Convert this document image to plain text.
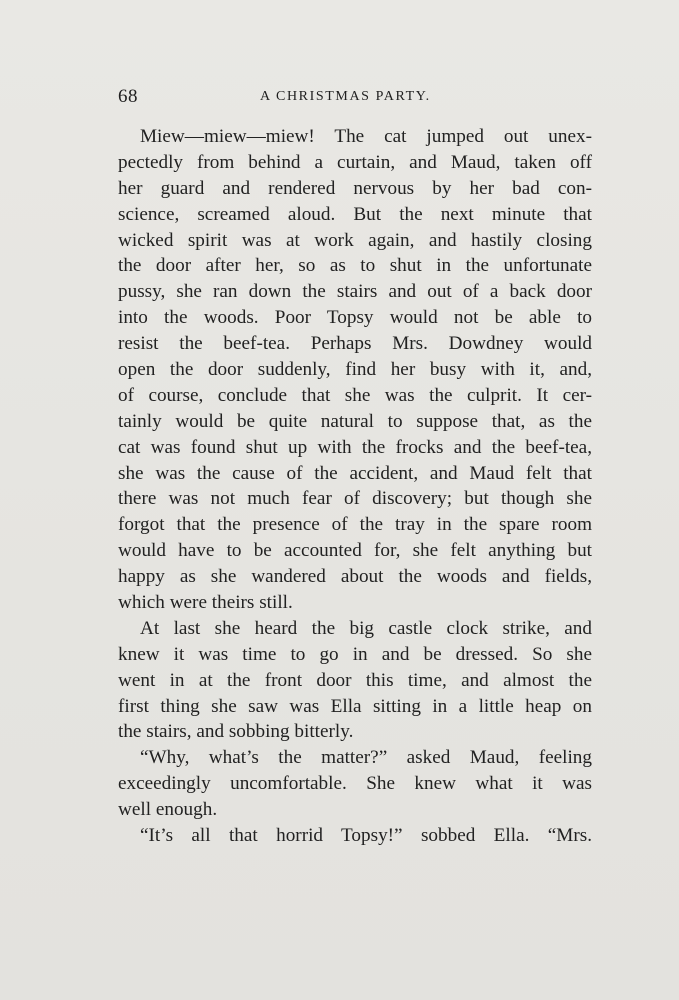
68	A CHRISTMAS PARTY.
Miew—miew—miew! The cat jumped out unex-
pectedly from behind a curtain, and Maud, taken off
her guard and rendered nervous by her bad con-
science, screamed aloud. But the next minute that
wicked spirit was at work again, and hastily closing
the door after her, so as to shut in the unfortunate
pussy, she ran down the stairs and out of a back door
into the woods. Poor Topsy would not be able to
resist the beef-tea. Perhaps Mrs. Dowdney would
open the door suddenly, find her busy with it, and,
of course, conclude that she was the culprit. It cer-
tainly would be quite natural to suppose that, as the
cat was found shut up with the frocks and the beef-tea,
she was the cause of the accident, and Maud felt that
there was not much fear of discovery; but though she
forgot that the presence of the tray in the spare room
would have to be accounted for, she felt anything but
happy as she wandered about the woods and fields,
which were theirs still.
At last she heard the big castle clock strike, and
knew it was time to go in and be dressed. So she
went in at the front door this time, and almost the
first thing she saw was Ella sitting in a little heap on
the stairs, and sobbing bitterly.
“Why, what’s the matter?” asked Maud, feeling
exceedingly uncomfortable. She knew what it was
well enough.
“It’s all that horrid Topsy!” sobbed Ella. “Mrs.
